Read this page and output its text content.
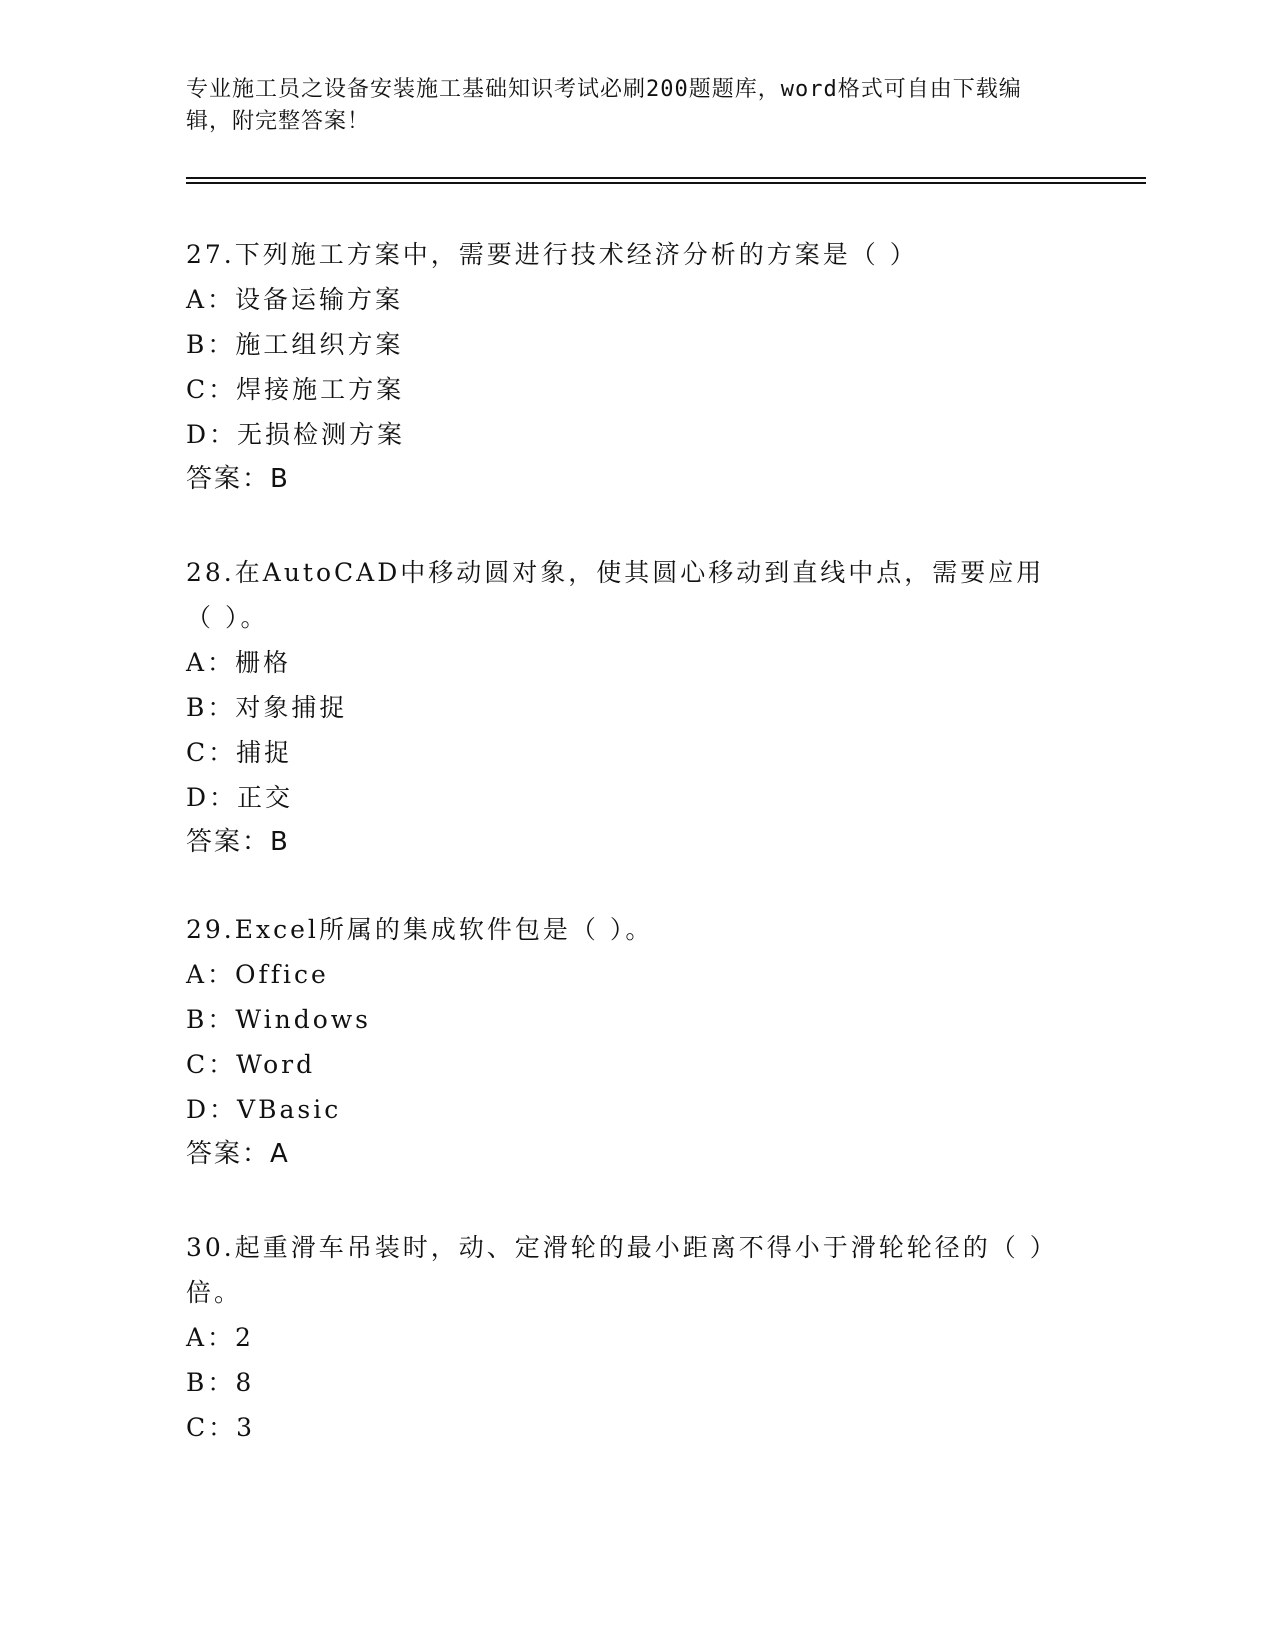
专业施工员之设备安装施工基础知识考试必刷200题题库，word格式可自由下载编辑，附完整答案！
27.下列施工方案中，需要进行技术经济分析的方案是（ ）
A：设备运输方案
B：施工组织方案
C：焊接施工方案
D：无损检测方案
答案：B
28.在AutoCAD中移动圆对象，使其圆心移动到直线中点，需要应用（ ）。
A：栅格
B：对象捕捉
C：捕捉
D：正交
答案：B
29.Excel所属的集成软件包是（ ）。
A：Office
B：Windows
C：Word
D：VBasic
答案：A
30.起重滑车吊装时，动、定滑轮的最小距离不得小于滑轮轮径的（ ）倍。
A：2
B：8
C：3
